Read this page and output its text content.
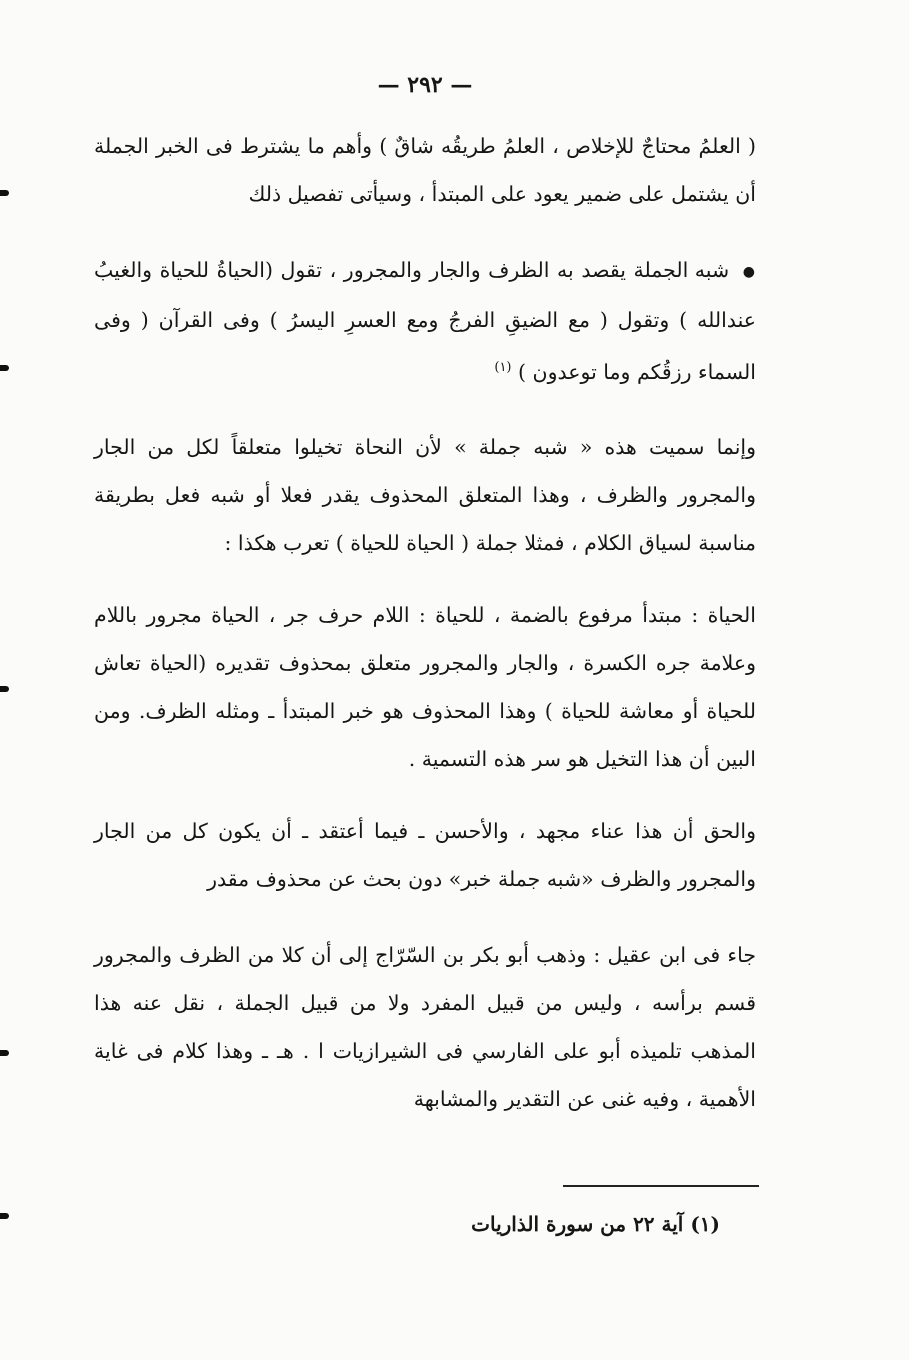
— ٢٩٢ —

( العلمُ محتاجٌ للإخلاص ، العلمُ طريقُه شاقٌ ) وأهم ما يشترط فى الخبر الجملة أن يشتمل على ضمير يعود على المبتدأ ، وسيأتى تفصيل ذلك

● شبه الجملة يقصد به الظرف والجار والمجرور ، تقول (الحياةُ للحياة والغيبُ عندالله ) وتقول ( مع الضيقِ الفرجُ ومع العسرِ اليسرُ ) وفى القرآن ( وفى السماء رزقُكم وما توعدون ) $^{(١)}$

وإنما سميت هذه « شبه جملة » لأن النحاة تخيلوا متعلقاً لكل من الجار والمجرور والظرف ، وهذا المتعلق المحذوف يقدر فعلا أو شبه فعل بطريقة مناسبة لسياق الكلام ، فمثلا جملة ( الحياة للحياة ) تعرب هكذا :

الحياة : مبتدأ مرفوع بالضمة ، للحياة : اللام حرف جر ، الحياة مجرور باللام وعلامة جره الكسرة ، والجار والمجرور متعلق بمحذوف تقديره (الحياة تعاش للحياة أو معاشة للحياة ) وهذا المحذوف هو خبر المبتدأ ـ ومثله الظرف. ومن البين أن هذا التخيل هو سر هذه التسمية .

والحق أن هذا عناء مجهد ، والأحسن ـ فيما أعتقد ـ أن يكون كل من الجار والمجرور والظرف «شبه جملة خبر» دون بحث عن محذوف مقدر

جاء فى ابن عقيل : وذهب أبو بكر بن السّرّاج إلى أن كلا من الظرف والمجرور قسم برأسه ، وليس من قبيل المفرد ولا من قبيل الجملة ، نقل عنه هذا المذهب تلميذه أبو على الفارسي فى الشيرازيات ا . هـ ـ وهذا كلام فى غاية الأهمية ، وفيه غنى عن التقدير والمشابهة

(١) آية ٢٢ من سورة الذاريات
